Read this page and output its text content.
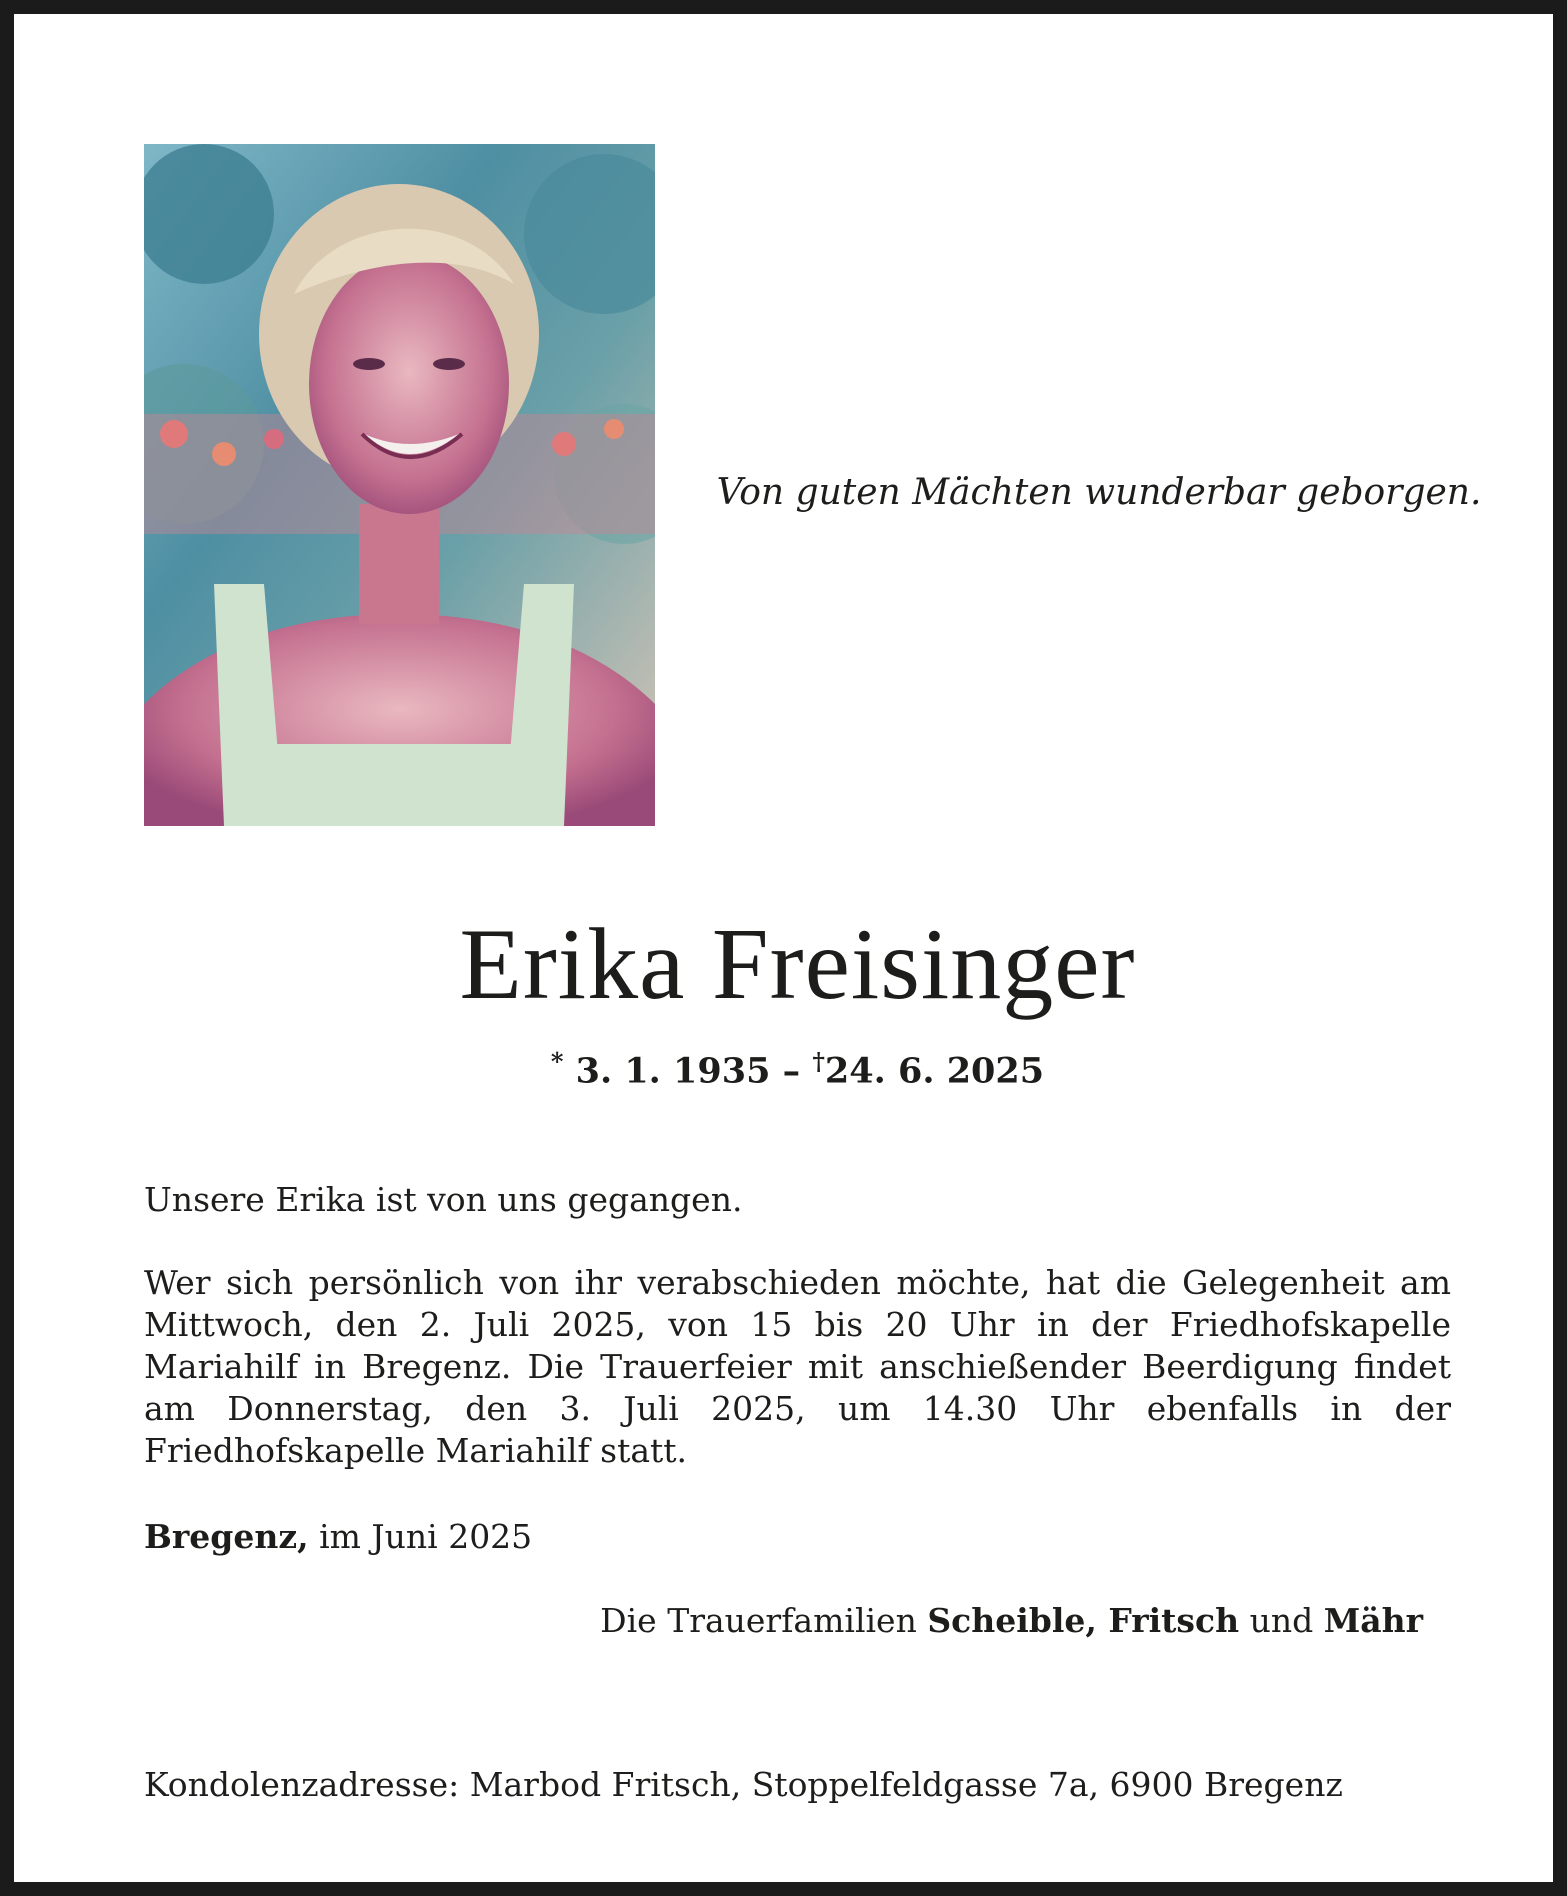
Von guten Mächten wunderbar geborgen.
Erika Freisinger
* 3. 1. 1935 – †24. 6. 2025
Unsere Erika ist von uns gegangen.
Wer sich persönlich von ihr verabschieden möchte, hat die Gelegenheit am Mittwoch, den 2. Juli 2025, von 15 bis 20 Uhr in der Friedhofskapelle Mariahilf in Bregenz. Die Trauerfeier mit anschießender Beerdigung findet am Donnerstag, den 3. Juli 2025, um 14.30 Uhr ebenfalls in der Friedhofskapelle Mariahilf statt.
Bregenz, im Juni 2025
Die Trauerfamilien Scheible, Fritsch und Mähr
Kondolenzadresse: Marbod Fritsch, Stoppelfeldgasse 7a, 6900 Bregenz
